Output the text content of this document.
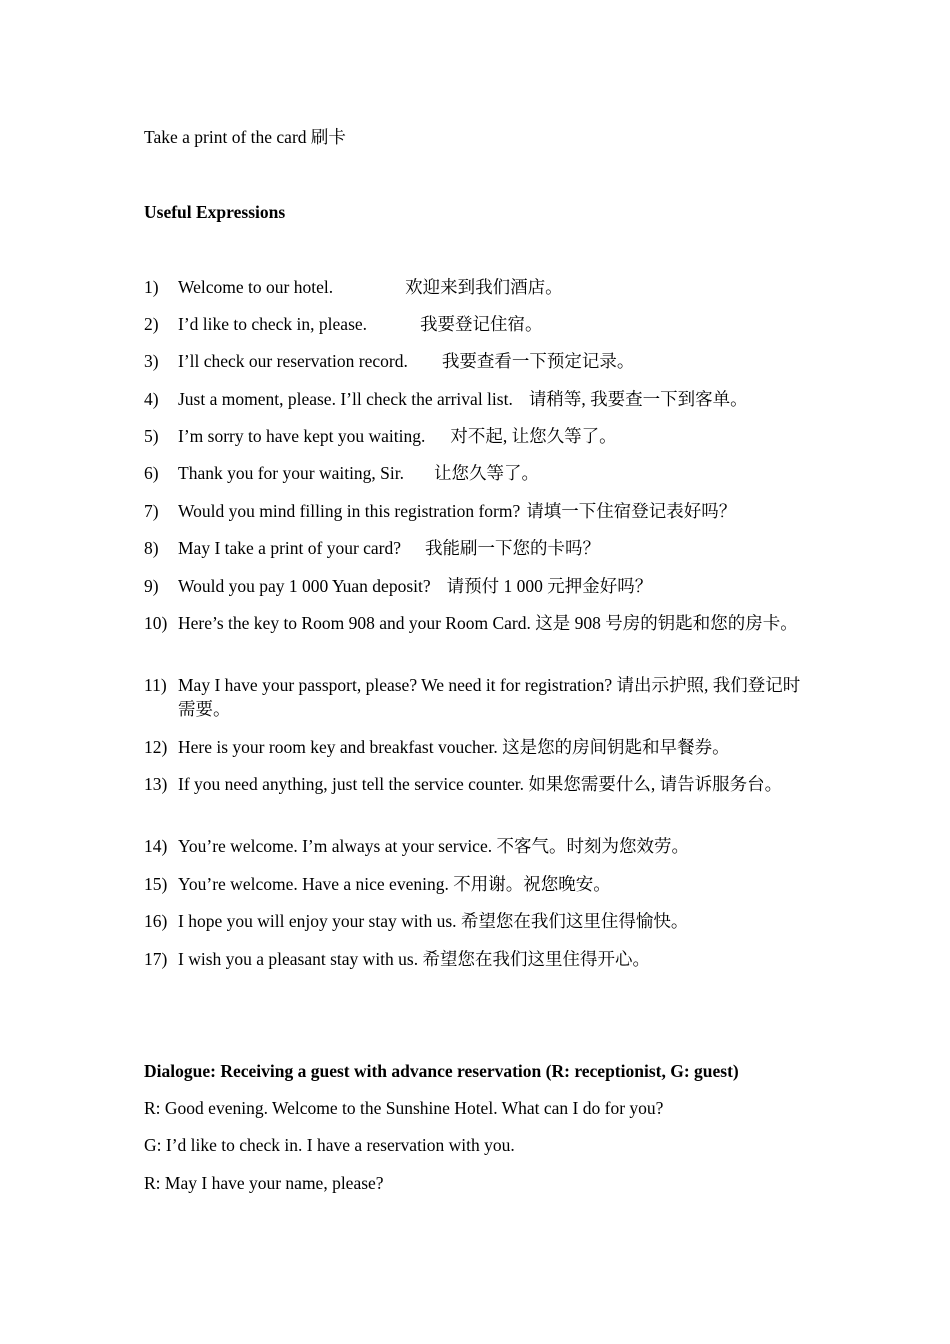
Take a print of the card 刷卡
Useful Expressions
1)	Welcome to our hotel.	欢迎来到我们酒店。
2)	I’d like to check in, please.	我要登记住宿。
3)	I’ll check our reservation record. 我要查看一下预定记录。
4)	Just a moment, please. I’ll check the arrival list. 请稍等, 我要查一下到客单。
5)	I’m sorry to have kept you waiting. 对不起, 让您久等了。
6)	Thank you for your waiting, Sir. 让您久等了。
7)	Would you mind filling in this registration form? 请填一下住宿登记表好吗？
8)	May I take a print of your card? 我能刷一下您的卡吗？
9)	Would you pay 1 000 Yuan deposit? 请预付 1 000 元押金好吗？
10) Here’s the key to Room 908 and your Room Card. 这是 908 号房的钥匙和您的房卡。
11) May I have your passport, please? We need it for registration? 请出示护照, 我们登记时需要。
12) Here is your room key and breakfast voucher. 这是您的房间钥匙和早餐券。
13) If you need anything, just tell the service counter. 如果您需要什么, 请告诉服务台。
14) You’re welcome. I’m always at your service. 不客气。时刻为您效劳。
15) You’re welcome. Have a nice evening. 不用谢。祝您晚安。
16) I hope you will enjoy your stay with us. 希望您在我们这里住得愉快。
17) I wish you a pleasant stay with us. 希望您在我们这里住得开心。
Dialogue: Receiving a guest with advance reservation (R: receptionist, G: guest)
R: Good evening. Welcome to the Sunshine Hotel. What can I do for you?
G: I’d like to check in. I have a reservation with you.
R: May I have your name, please?
